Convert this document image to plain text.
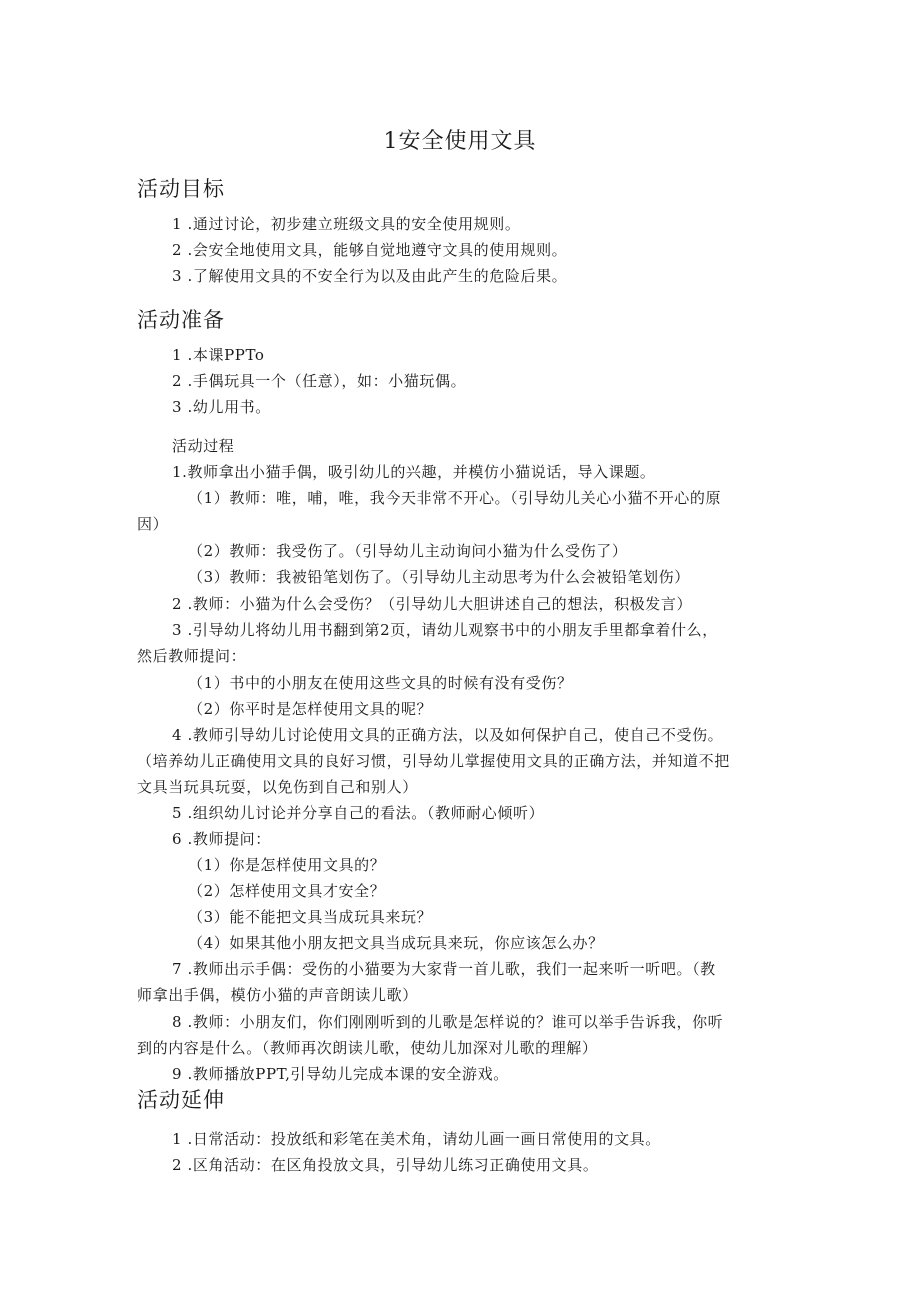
1安全使用文具
活动目标
1 .通过讨论，初步建立班级文具的安全使用规则。
2 .会安全地使用文具，能够自觉地遵守文具的使用规则。
3 .了解使用文具的不安全行为以及由此产生的危险后果。
活动准备
1 .本课PPTo
2 .手偶玩具一个（任意），如：小猫玩偶。
3 .幼儿用书。
活动过程
1.教师拿出小猫手偶，吸引幼儿的兴趣，并模仿小猫说话，导入课题。
（1）教师：唯，哺，唯，我今天非常不开心。（引导幼儿关心小猫不开心的原
因）
（2）教师：我受伤了。（引导幼儿主动询问小猫为什么受伤了）
（3）教师：我被铅笔划伤了。（引导幼儿主动思考为什么会被铅笔划伤）
2 .教师：小猫为什么会受伤？（引导幼儿大胆讲述自己的想法，积极发言）
3 .引导幼儿将幼儿用书翻到第2页，请幼儿观察书中的小朋友手里都拿着什么，
然后教师提问：
（1）书中的小朋友在使用这些文具的时候有没有受伤？
（2）你平时是怎样使用文具的呢？
4 .教师引导幼儿讨论使用文具的正确方法，以及如何保护自己，使自己不受伤。
（培养幼儿正确使用文具的良好习惯，引导幼儿掌握使用文具的正确方法，并知道不把
文具当玩具玩耍，以免伤到自己和别人）
5 .组织幼儿讨论并分享自己的看法。（教师耐心倾听）
6 .教师提问：
（1）你是怎样使用文具的？
（2）怎样使用文具才安全？
（3）能不能把文具当成玩具来玩？
（4）如果其他小朋友把文具当成玩具来玩，你应该怎么办？
7 .教师出示手偶：受伤的小猫要为大家背一首儿歌，我们一起来听一听吧。（教
师拿出手偶，模仿小猫的声音朗读儿歌）
8 .教师：小朋友们，你们刚刚听到的儿歌是怎样说的？谁可以举手告诉我，你听
到的内容是什么。（教师再次朗读儿歌，使幼儿加深对儿歌的理解）
9 .教师播放PPT,引导幼儿完成本课的安全游戏。
活动延伸
1 .日常活动：投放纸和彩笔在美术角，请幼儿画一画日常使用的文具。
2 .区角活动：在区角投放文具，引导幼儿练习正确使用文具。
